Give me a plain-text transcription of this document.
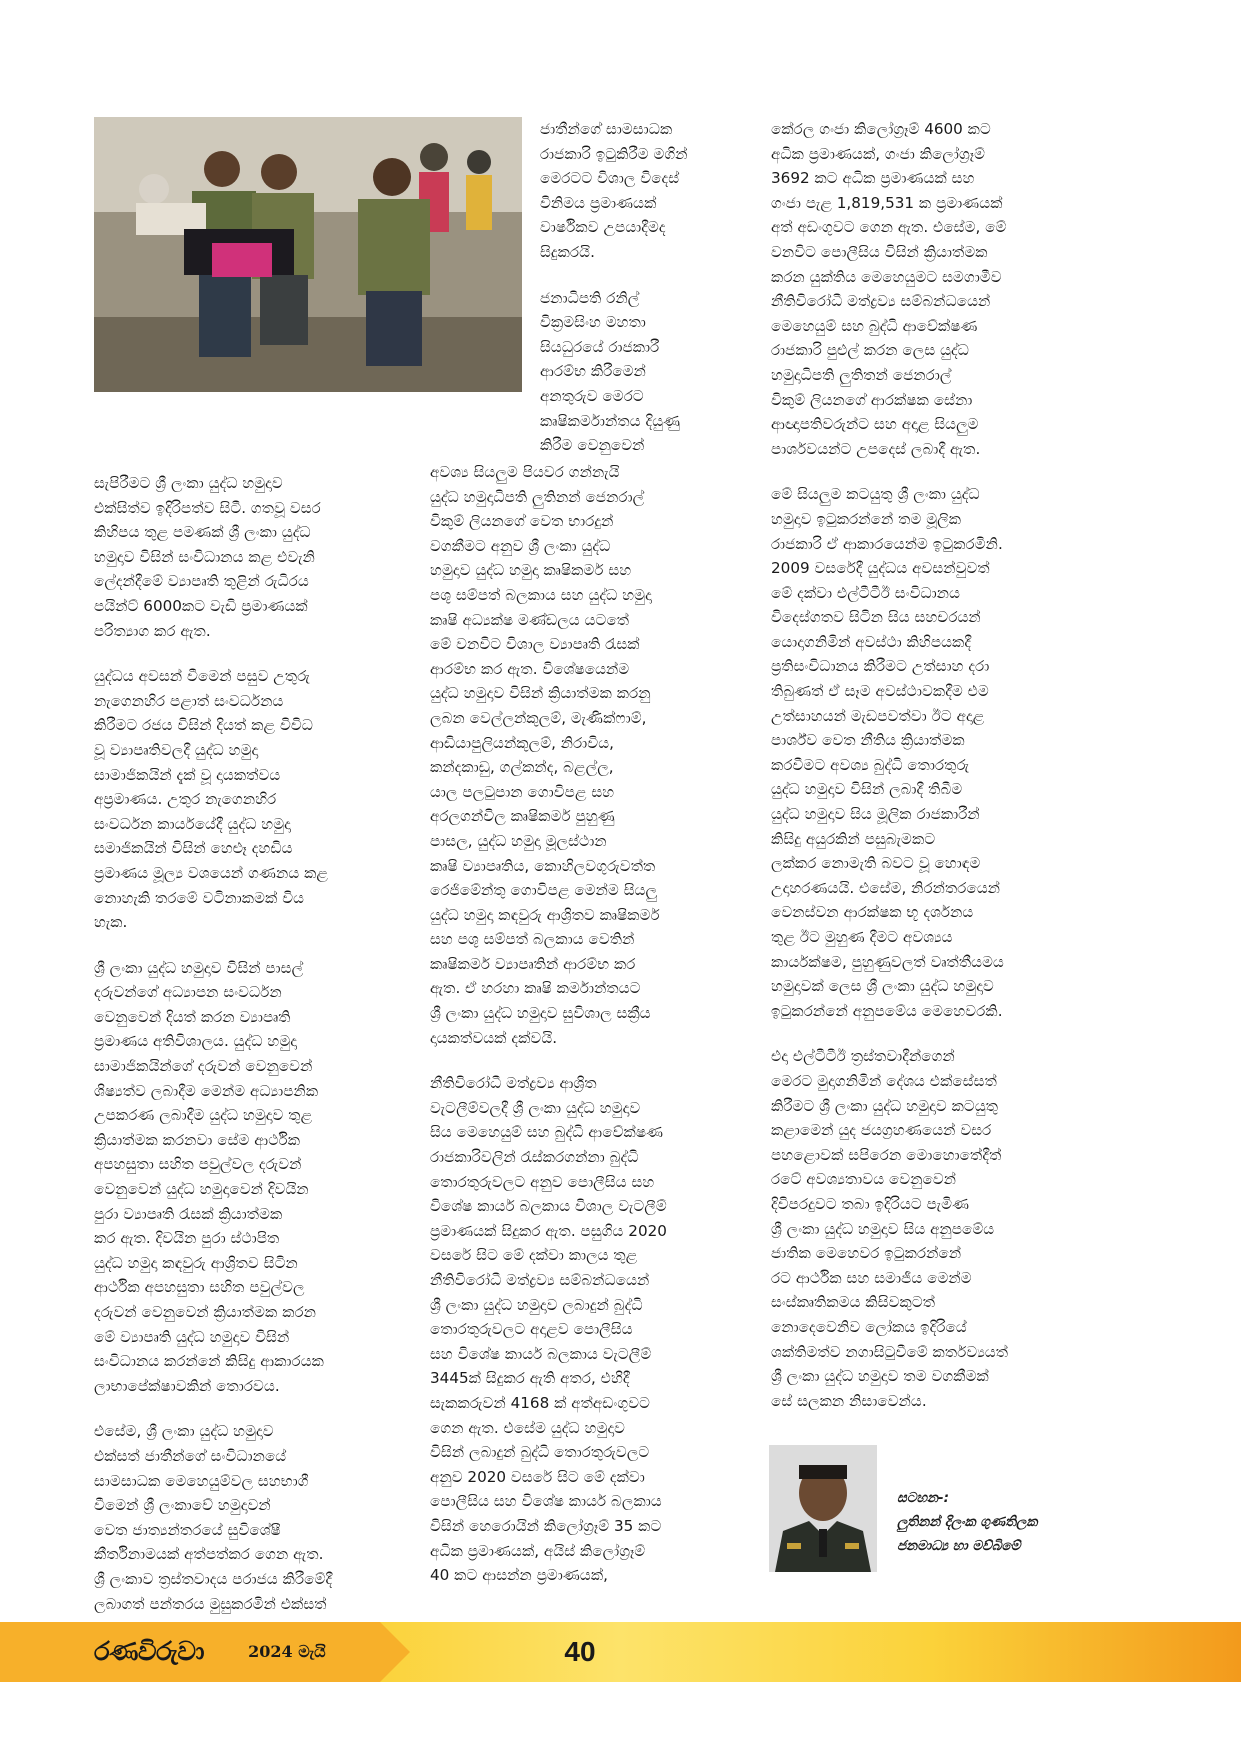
සැපිරීමට ශ්‍රී ලංකා යුද්ධ හමුදාව
එක්සිත්ව ඉදිරිපත්ව සිටී. ගතවූ වසර
කිහිපය තුළ පමණක් ශ්‍රී ලංකා යුද්ධ
හමුදාව විසින් සංවිධානය කළ එවැනි
ලේදන්දීමේ ව්‍යාපෘති තුළින් රුධිරය
පයින්ට් 6000කට වැඩි ප්‍රමාණයක්
පරිත්‍යාග කර ඇත.

යුද්ධය අවසන් වීමෙන් පසුව උතුරු
නැගෙනහිර පළාත් සංවර්ධනය
කිරීමට රජය විසින් දියත් කළ විවිධ
වූ ව්‍යාපෘතිවලදී යුද්ධ හමුදා
සාමාජිකයින් දැක් වූ දායකත්වය
අප්‍රමාණය. උතුර නැගෙනහිර
සංවර්ධන කාර්යයේදී යුද්ධ හමුදා
සමාජිකයින් විසින් හෙළූ දහඩිය
ප්‍රමාණය මූල්‍ය වශයෙන් ගණනය කළ
නොහැකි තරමේ වටිනාකමක් විය
හැක.

ශ්‍රී ලංකා යුද්ධ හමුදාව විසින් පාසල්
දරුවන්ගේ අධ්‍යාපන සංවර්ධන
වෙනුවෙන් දියත් කරන ව්‍යාපෘති
ප්‍රමාණය අතිවිශාලය. යුද්ධ හමුදා
සාමාජිකයින්ගේ දරුවන් වෙනුවෙන්
ශිෂ්‍යත්ව ලබාදීම මෙන්ම අධ්‍යාපනික
උපකරණ ලබාදීම යුද්ධ හමුදාව තුළ
ක්‍රියාත්මක කරනවා සේම ආර්ථික
අපහසුතා සහිත පවුල්වල දරුවන්
වෙනුවෙන් යුද්ධ හමුදාවෙන් දිවයින
පුරා ව්‍යාපෘති රැසක් ක්‍රියාත්මක
කර ඇත. දිවයින පුරා ස්ථාපිත
යුද්ධ හමුදා කඳවුරු ආශ්‍රිතව සිටින
ආර්ථික අපහසුතා සහිත පවුල්වල
දරුවන් වෙනුවෙන් ක්‍රියාත්මක කරන
මේ ව්‍යාපෘති යුද්ධ හමුදාව විසින්
සංවිධානය කරන්නේ කිසිදු ආකාරයක
ලාභාපේක්ෂාවකින් තොරවය.

එසේම, ශ්‍රී ලංකා යුද්ධ හමුදාව
එක්සත් ජාතීන්ගේ සංවිධානයේ
සාමසාධක මෙහෙයුම්වල සහභාගී
වීමෙන් ශ්‍රී ලංකාවේ හමුදාවන්
වෙත ජාත්‍යන්තරයේ සුවිශේෂී
කීර්තිනාමයක් අත්පත්කර ගෙන ඇත.
ශ්‍රී ලංකාව ත්‍රස්තවාදය පරාජය කිරීමේදී
ලබාගත් පන්තරය මුසුකරමින් එක්සත්

ජාතීන්ගේ සාමසාධක
රාජකාරි ඉටුකිරීම මගින්
මෙරටට විශාල විදෙස්
විනිමය ප්‍රමාණයක්
වාර්ෂිකව උපයාදීමද
සිදුකරයි.

ජනාධිපති රනිල්
වික්‍රමසිංහ මහතා
සියධුරයේ රාජකාරී
ආරම්භ කිරීමෙන්
අනතුරුව මෙරට
කෘෂිකර්මාන්තය දියුණු
කිරීම වෙනුවෙන්

අවශ්‍ය සියලුම පියවර ගන්නැයි
යුද්ධ හමුදාධිපති ලුතිනන් ජෙනරාල්
විකුම් ලියනගේ වෙත භාරදුන්
වගකීමට අනුව ශ්‍රී ලංකා යුද්ධ
හමුදාව යුද්ධ හමුදා කෘෂිකර්ම සහ
පශු සම්පත් බලකාය සහ යුද්ධ හමුදා
කෘෂි අධ්‍යක්ෂ මණ්ඩලය යටතේ
මේ වනවිට විශාල ව්‍යාපෘති රැසක්
ආරම්භ කර ඇත. විශේෂයෙන්ම
යුද්ධ හමුදාව විසින් ක්‍රියාත්මක කරනු
ලබන වෙල්ලන්කුලම්, මැණික්ෆාම්,
ආඩියාපුලියන්කුලම්, නිරාවිය,
කන්දකාඩු, ගල්කන්ද, බළල්ල,
යාල පලටුපාන ගොවිපළ සහ
අරලගන්විල කෘෂිකර්ම පුහුණු
පාසල, යුද්ධ හමුදා මූලස්ථාන
කෘෂි ව්‍යාපෘතිය, කොහිලවගුරුවත්ත
රෙජිමේන්තු ගොවිපළ මෙන්ම සියලු
යුද්ධ හමුදා කඳවුරු ආශ්‍රිතව කෘෂිකර්ම
සහ පශු සම්පත් බලකාය වෙතින්
කෘෂිකර්ම ව්‍යාපෘතින් ආරම්භ කර
ඇත. ඒ හරහා කෘෂි කර්මාන්තයට
ශ්‍රී ලංකා යුද්ධ හමුදාව සුවිශාල සක්‍රීය
දායකත්වයක් දක්වයි.

නීතිවිරෝධී මත්ද්‍රව්‍ය ආශ්‍රිත
වැටලීම්වලදී ශ්‍රී ලංකා යුද්ධ හමුදාව
සිය මෙහෙයුම් සහ බුද්ධි ආවේක්ෂණ
රාජකාරිවලින් රැස්කරගන්නා බුද්ධි
තොරතුරුවලට අනුව පොලීසිය සහ
විශේෂ කාර්ය බලකාය විශාල වැටලීම්
ප්‍රමාණයක් සිදුකර ඇත. පසුගිය 2020
වසරේ සිට මේ දක්වා කාලය තුළ
නීතිවිරෝධී මත්ද්‍රව්‍ය සම්බන්ධයෙන්
ශ්‍රී ලංකා යුද්ධ හමුදාව ලබාදුන් බුද්ධි
තොරතුරුවලට අදාළව පොලීසිය
සහ විශේෂ කාර්ය බලකාය වැටලීම්
3445ක් සිදුකර ඇති අතර, එහිදී
සැකකරුවන් 4168 ක් අත්අඩංගුවට
ගෙන ඇත. එසේම යුද්ධ හමුදාව
විසින් ලබාදුන් බුද්ධි තොරතුරුවලට
අනුව 2020 වසරේ සිට මේ දක්වා
පොලීසිය සහ විශේෂ කාර්ය බලකාය
විසින් හෙරොයින් කිලෝග්‍රෑම් 35 කට
අධික ප්‍රමාණයක්, අයිස් කිලෝග්‍රෑම්
40 කට ආසන්න ප්‍රමාණයක්,

කේරල ගංජා කිලෝග්‍රෑම් 4600 කට
අධික ප්‍රමාණයක්, ගංජා කිලෝග්‍රෑම්
3692 කට අධික ප්‍රමාණයක් සහ
ගංජා පැළ 1,819,531 ක ප්‍රමාණයක්
අත් අඩංගුවට ගෙන ඇත. එසේම, මේ
වනවිට පොලීසිය විසින් ක්‍රියාත්මක
කරන යුක්තිය මෙහෙයුමට සමගාමීව
නීතිවිරෝධී මත්ද්‍රව්‍ය සම්බන්ධයෙන්
මෙහෙයුම් සහ බුද්ධි ආවේක්ෂණ
රාජකාරි පුළුල් කරන ලෙස යුද්ධ
හමුදාධිපති ලුතිතන් ජෙනරාල්
විකුම් ලියනගේ ආරක්ෂක සේනා
ආඥාපතිවරුන්ට සහ අදාළ සියලුම
පාර්ශවයන්ට උපදෙස් ලබාදී ඇත.

මේ සියලුම කටයුතු ශ්‍රී ලංකා යුද්ධ
හමුදාව ඉටුකරන්නේ තම මූලික
රාජකාරි ඒ ආකාරයෙන්ම ඉටුකරමිනි.
2009 වසරේදී යුද්ධය අවසන්වුවත්
මේ දක්වා එල්ටීටීඊ සංවිධානය
විදෙස්ගතව සිටින සිය සහචරයන්
යොදාගනිමින් අවස්ථා කිහිපයකදී
ප්‍රතිසංවිධානය කිරීමට උත්සාහ දරා
තිබුණත් ඒ සෑම අවස්ථාවකදීම එම
උත්සාහයන් මැඩපවත්වා ඊට අදාළ
පාර්ශ්ව වෙත නීතිය ක්‍රියාත්මක
කරවීමට අවශ්‍ය බුද්ධි තොරතුරු
යුද්ධ හමුදාව විසින් ලබාදී තිබීම
යුද්ධ හමුදාව සිය මූලික රාජකාරීන්
කිසිදු අයුරකින් පසුබැමකට
ලක්කර නොමැති බවට වූ හොඳම
උදාහරණයයි. එසේම, නිරන්තරයෙන්
වෙනස්වන ආරක්ෂක භූ දර්ශනය
තුළ ඊට මුහුණ දීමට අවශ්‍යය
කාර්යක්ෂම, පුහුණුවලත් වෘත්තීයමය
හමුදාවක් ලෙස ශ්‍රී ලංකා යුද්ධ හමුදාව
ඉටුකරන්නේ අනුපමේය මෙහෙවරකි.

එදා එල්ටීටීඊ ත්‍රස්තවාදීන්ගෙන්
මෙරට මුදාගනිමින් දේශය එක්සේසත්
කිරීමට ශ්‍රී ලංකා යුද්ධ හමුදාව කටයුතු
කළාමෙන් යුද ජයග්‍රහණයෙන් වසර
පහළොවක් සපිරෙන මොහොතේදීත්
රටේ අවශ්‍යතාවය වෙනුවෙන්
දිවිපරදුවට තබා ඉදිරියට පැමිණ
ශ්‍රී ලංකා යුද්ධ හමුදාව සිය අනුපමේය
ජාතික මෙහෙවර ඉටුකරන්නේ
රට ආර්ථික සහ සමාජීය මෙන්ම
සංස්කෘතිකමය කිසිවකුටත්
නොදෙවෙනිව ලෝකය ඉදිරියේ
ශක්තිමත්ව නගාසිටුවීමේ කර්තව්‍යයත්
ශ්‍රී ලංකා යුද්ධ හමුදාව තම වගකීමක්
සේ සලකන නිසාවෙන්ය.

සටහන-:
ලුතිනන් දිලංක ගුණතිලක
ජනමාධ්‍ය හා මව්බිමේ
රණවිරුවා	2024 මැයි	40
